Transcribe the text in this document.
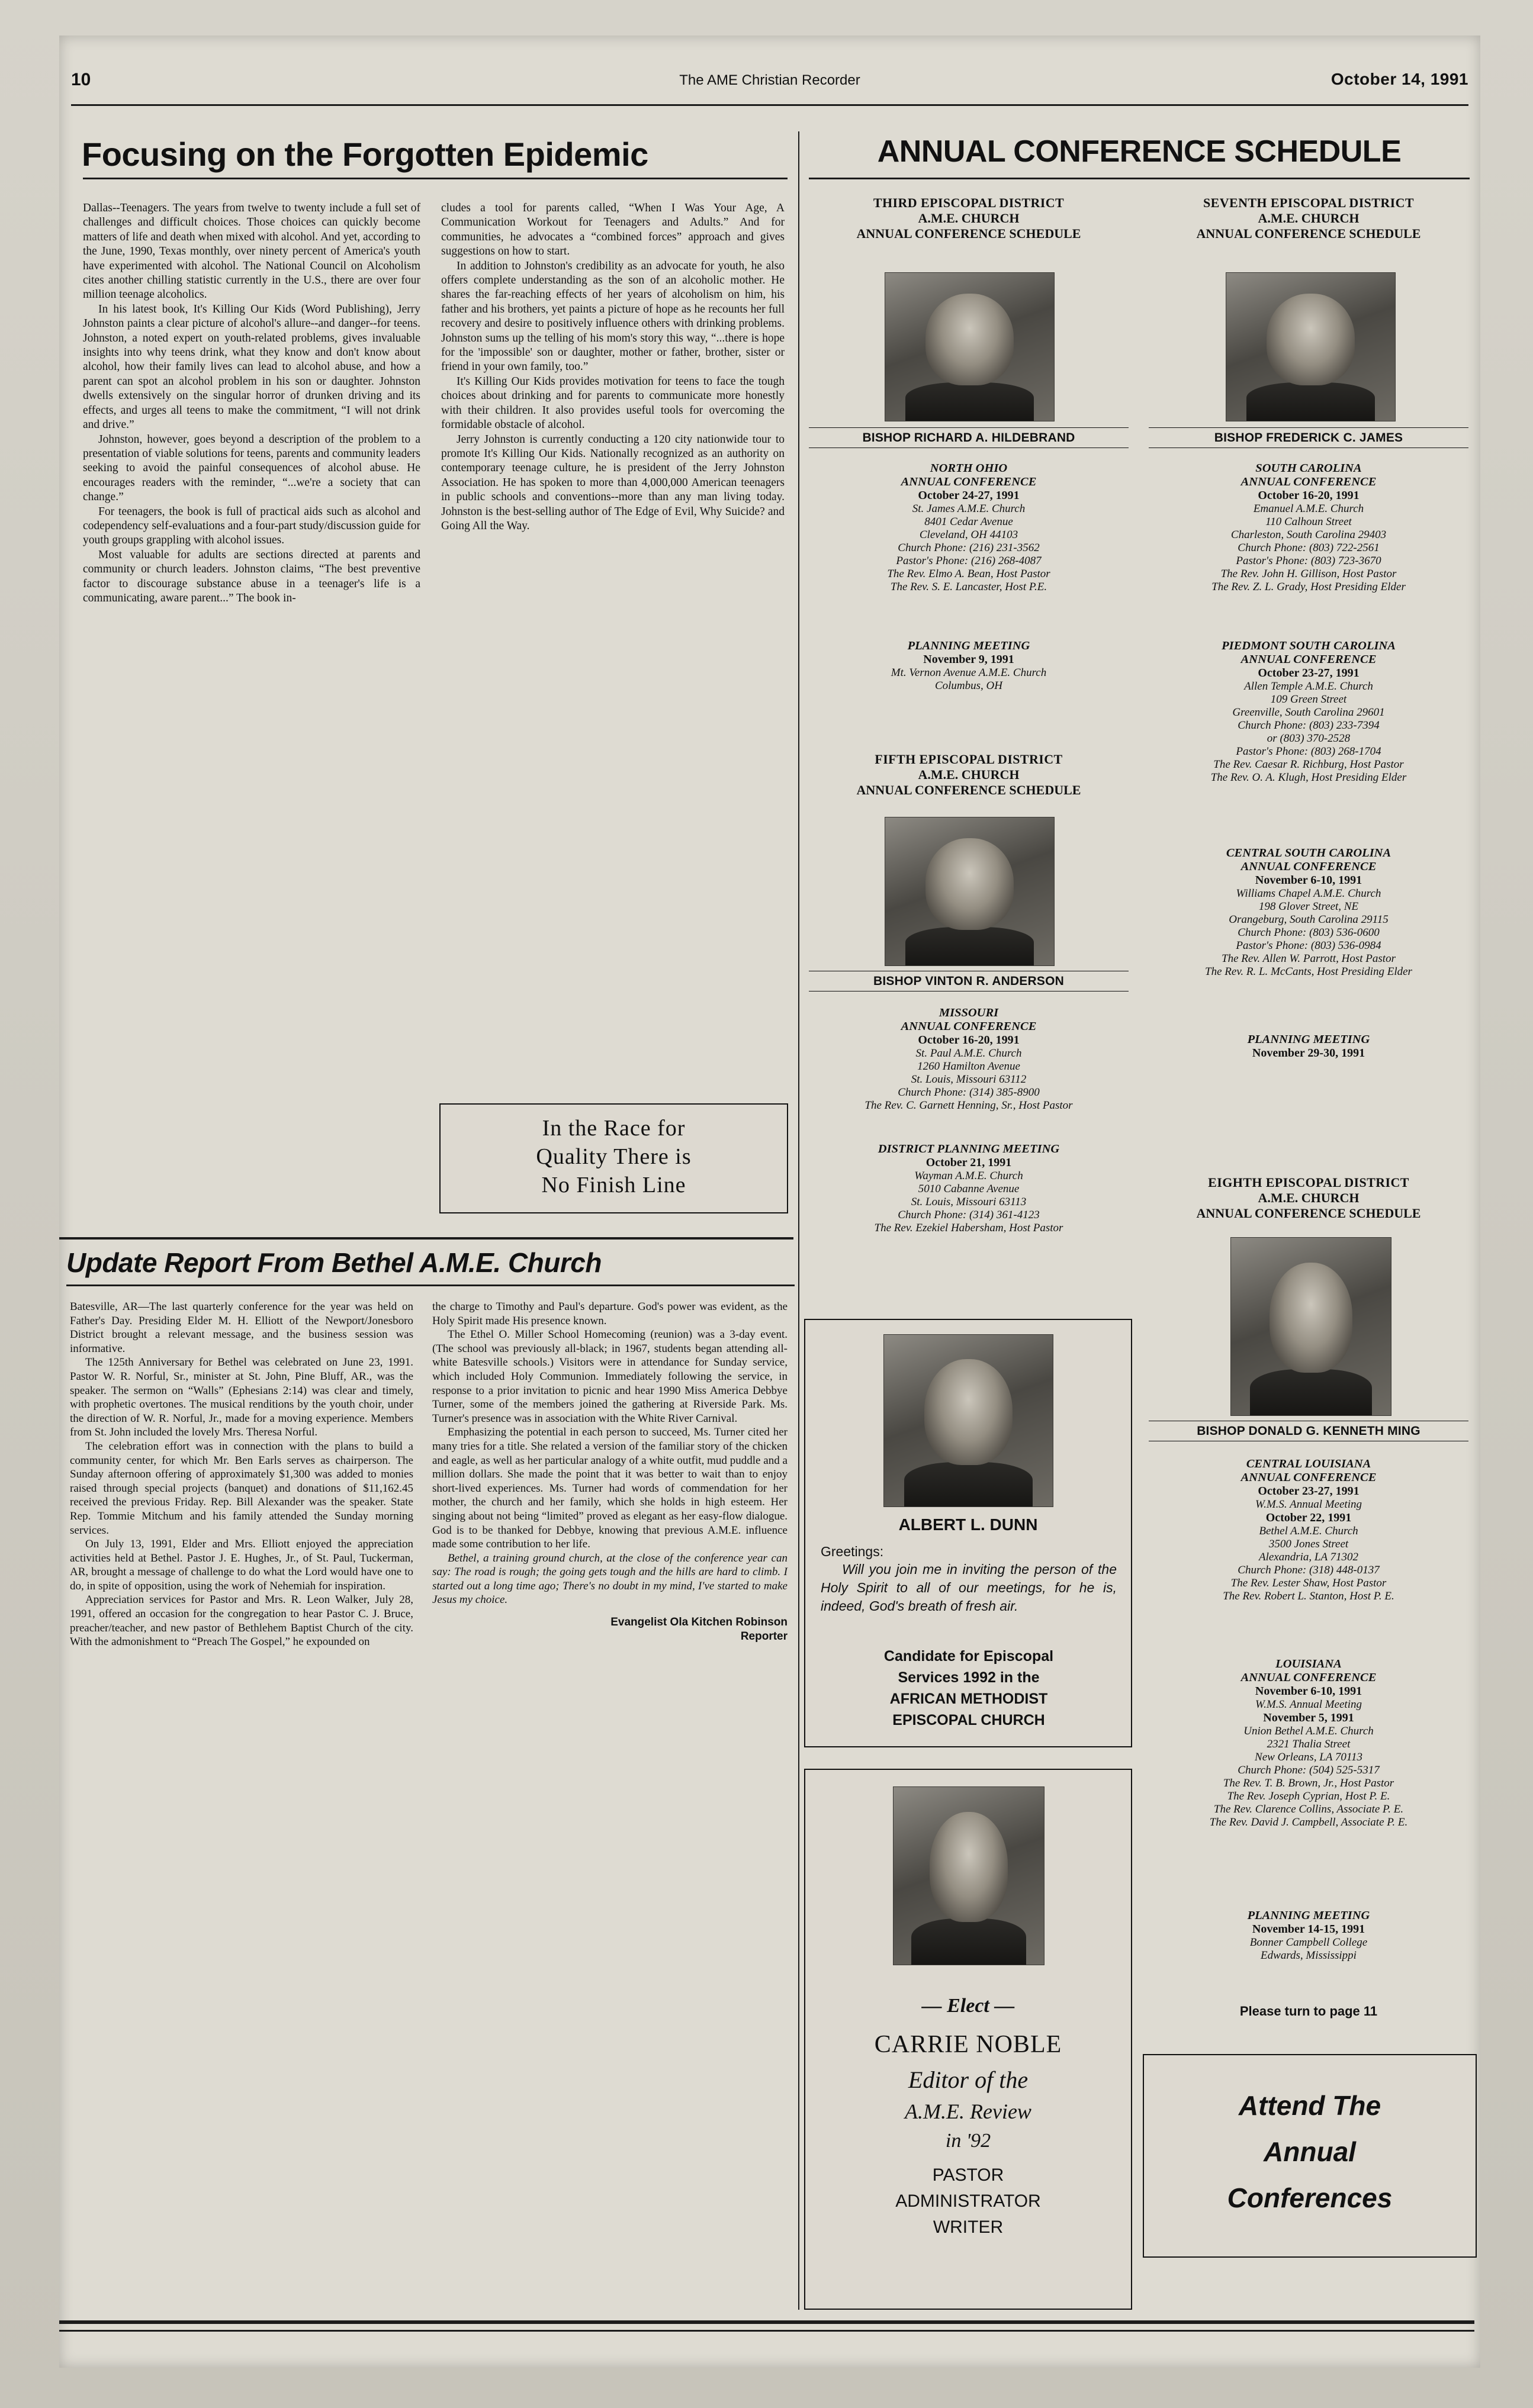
10	The AME Christian Recorder	October 14, 1991
Focusing on the Forgotten Epidemic

Dallas--Teenagers. The years from twelve to twenty include a full set of challenges and difficult choices. Those choices can quickly become matters of life and death when mixed with alcohol. And yet, according to the June, 1990, Texas monthly, over ninety percent of America's youth have experimented with alcohol. The National Council on Alcoholism cites another chilling statistic currently in the U.S., there are over four million teenage alcoholics.

In his latest book, It's Killing Our Kids (Word Publishing), Jerry Johnston paints a clear picture of alcohol's allure--and danger--for teens. Johnston, a noted expert on youth-related problems, gives invaluable insights into why teens drink, what they know and don't know about alcohol, how their family lives can lead to alcohol abuse, and how a parent can spot an alcohol problem in his son or daughter. Johnston dwells extensively on the singular horror of drunken driving and its effects, and urges all teens to make the commitment, “I will not drink and drive.”

Johnston, however, goes beyond a description of the problem to a presentation of viable solutions for teens, parents and community leaders seeking to avoid the painful consequences of alcohol abuse. He encourages readers with the reminder, “...we're a society that can change.”

For teenagers, the book is full of practical aids such as alcohol and codependency self-evaluations and a four-part study/discussion guide for youth groups grappling with alcohol issues.

Most valuable for adults are sections directed at parents and community or church leaders. Johnston claims, “The best preventive factor to discourage substance abuse in a teenager's life is a communicating, aware parent...” The book in-

cludes a tool for parents called, “When I Was Your Age, A Communication Workout for Teenagers and Adults.” And for communities, he advocates a “combined forces” approach and gives suggestions on how to start.

In addition to Johnston's credibility as an advocate for youth, he also offers complete understanding as the son of an alcoholic mother. He shares the far-reaching effects of her years of alcoholism on him, his father and his brothers, yet paints a picture of hope as he recounts her full recovery and desire to positively influence others with drinking problems. Johnston sums up the telling of his mom's story this way, “...there is hope for the 'impossible' son or daughter, mother or father, brother, sister or friend in your own family, too.”

It's Killing Our Kids provides motivation for teens to face the tough choices about drinking and for parents to communicate more honestly with their children. It also provides useful tools for overcoming the formidable obstacle of alcohol.

Jerry Johnston is currently conducting a 120 city nationwide tour to promote It's Killing Our Kids. Nationally recognized as an authority on contemporary teenage culture, he is president of the Jerry Johnston Association. He has spoken to more than 4,000,000 American teenagers in public schools and conventions--more than any man living today. Johnston is the best-selling author of The Edge of Evil, Why Suicide? and Going All the Way.

In the Race for
Quality There is
No Finish Line
Update Report From Bethel A.M.E. Church

Batesville, AR—The last quarterly conference for the year was held on Father's Day. Presiding Elder M. H. Elliott of the Newport/Jonesboro District brought a relevant message, and the business session was informative.

The 125th Anniversary for Bethel was celebrated on June 23, 1991. Pastor W. R. Norful, Sr., minister at St. John, Pine Bluff, AR., was the speaker. The sermon on “Walls” (Ephesians 2:14) was clear and timely, with prophetic overtones. The musical renditions by the youth choir, under the direction of W. R. Norful, Jr., made for a moving experience. Members from St. John included the lovely Mrs. Theresa Norful.

The celebration effort was in connection with the plans to build a community center, for which Mr. Ben Earls serves as chairperson. The Sunday afternoon offering of approximately $1,300 was added to monies raised through special projects (banquet) and donations of $11,162.45 received the previous Friday. Rep. Bill Alexander was the speaker. State Rep. Tommie Mitchum and his family attended the Sunday morning services.

On July 13, 1991, Elder and Mrs. Elliott enjoyed the appreciation activities held at Bethel. Pastor J. E. Hughes, Jr., of St. Paul, Tuckerman, AR, brought a message of challenge to do what the Lord would have one to do, in spite of opposition, using the work of Nehemiah for inspiration.

Appreciation services for Pastor and Mrs. R. Leon Walker, July 28, 1991, offered an occasion for the congregation to hear Pastor C. J. Bruce, preacher/teacher, and new pastor of Bethlehem Baptist Church of the city. With the admonishment to “Preach The Gospel,” he expounded on

the charge to Timothy and Paul's departure. God's power was evident, as the Holy Spirit made His presence known.

The Ethel O. Miller School Homecoming (reunion) was a 3-day event. (The school was previously all-black; in 1967, students began attending all-white Batesville schools.) Visitors were in attendance for Sunday service, which included Holy Communion. Immediately following the service, in response to a prior invitation to picnic and hear 1990 Miss America Debbye Turner, some of the members joined the gathering at Riverside Park. Ms. Turner's presence was in association with the White River Carnival.

Emphasizing the potential in each person to succeed, Ms. Turner cited her many tries for a title. She related a version of the familiar story of the chicken and eagle, as well as her particular analogy of a white outfit, mud puddle and a million dollars. She made the point that it was better to wait than to enjoy short-lived experiences. Ms. Turner had words of commendation for her mother, the church and her family, which she holds in high esteem. Her singing about not being “limited” proved as elegant as her easy-flow dialogue. God is to be thanked for Debbye, knowing that previous A.M.E. influence made some contribution to her life.

Bethel, a training ground church, at the close of the conference year can say: The road is rough; the going gets tough and the hills are hard to climb. I started out a long time ago; There's no doubt in my mind, I've started to make Jesus my choice.

Evangelist Ola Kitchen Robinson
Reporter
ANNUAL CONFERENCE SCHEDULE
THIRD EPISCOPAL DISTRICT
A.M.E. CHURCH
ANNUAL CONFERENCE SCHEDULE
BISHOP RICHARD A. HILDEBRAND
NORTH OHIO
ANNUAL CONFERENCE
October 24-27, 1991
St. James A.M.E. Church
8401 Cedar Avenue
Cleveland, OH 44103
Church Phone: (216) 231-3562
Pastor's Phone: (216) 268-4087
The Rev. Elmo A. Bean, Host Pastor
The Rev. S. E. Lancaster, Host P.E.
PLANNING MEETING
November 9, 1991
Mt. Vernon Avenue A.M.E. Church
Columbus, OH
FIFTH EPISCOPAL DISTRICT
A.M.E. CHURCH
ANNUAL CONFERENCE SCHEDULE
BISHOP VINTON R. ANDERSON
MISSOURI
ANNUAL CONFERENCE
October 16-20, 1991
St. Paul A.M.E. Church
1260 Hamilton Avenue
St. Louis, Missouri 63112
Church Phone: (314) 385-8900
The Rev. C. Garnett Henning, Sr., Host Pastor
DISTRICT PLANNING MEETING
October 21, 1991
Wayman A.M.E. Church
5010 Cabanne Avenue
St. Louis, Missouri 63113
Church Phone: (314) 361-4123
The Rev. Ezekiel Habersham, Host Pastor
ALBERT L. DUNN
Greetings:
Will you join me in inviting the person of the Holy Spirit to all of our meetings, for he is, indeed, God's breath of fresh air.
Candidate for Episcopal
Services 1992 in the
AFRICAN METHODIST
EPISCOPAL CHURCH
— Elect —
CARRIE NOBLE
Editor of the
A.M.E. Review
in '92
PASTOR
ADMINISTRATOR
WRITER
SEVENTH EPISCOPAL DISTRICT
A.M.E. CHURCH
ANNUAL CONFERENCE SCHEDULE
BISHOP FREDERICK C. JAMES
SOUTH CAROLINA
ANNUAL CONFERENCE
October 16-20, 1991
Emanuel A.M.E. Church
110 Calhoun Street
Charleston, South Carolina 29403
Church Phone: (803) 722-2561
Pastor's Phone: (803) 723-3670
The Rev. John H. Gillison, Host Pastor
The Rev. Z. L. Grady, Host Presiding Elder
PIEDMONT SOUTH CAROLINA
ANNUAL CONFERENCE
October 23-27, 1991
Allen Temple A.M.E. Church
109 Green Street
Greenville, South Carolina 29601
Church Phone: (803) 233-7394
or (803) 370-2528
Pastor's Phone: (803) 268-1704
The Rev. Caesar R. Richburg, Host Pastor
The Rev. O. A. Klugh, Host Presiding Elder
CENTRAL SOUTH CAROLINA
ANNUAL CONFERENCE
November 6-10, 1991
Williams Chapel A.M.E. Church
198 Glover Street, NE
Orangeburg, South Carolina 29115
Church Phone: (803) 536-0600
Pastor's Phone: (803) 536-0984
The Rev. Allen W. Parrott, Host Pastor
The Rev. R. L. McCants, Host Presiding Elder
PLANNING MEETING
November 29-30, 1991
EIGHTH EPISCOPAL DISTRICT
A.M.E. CHURCH
ANNUAL CONFERENCE SCHEDULE
BISHOP DONALD G. KENNETH MING
CENTRAL LOUISIANA
ANNUAL CONFERENCE
October 23-27, 1991
W.M.S. Annual Meeting
October 22, 1991
Bethel A.M.E. Church
3500 Jones Street
Alexandria, LA 71302
Church Phone: (318) 448-0137
The Rev. Lester Shaw, Host Pastor
The Rev. Robert L. Stanton, Host P. E.
LOUISIANA
ANNUAL CONFERENCE
November 6-10, 1991
W.M.S. Annual Meeting
November 5, 1991
Union Bethel A.M.E. Church
2321 Thalia Street
New Orleans, LA 70113
Church Phone: (504) 525-5317
The Rev. T. B. Brown, Jr., Host Pastor
The Rev. Joseph Cyprian, Host P. E.
The Rev. Clarence Collins, Associate P. E.
The Rev. David J. Campbell, Associate P. E.
PLANNING MEETING
November 14-15, 1991
Bonner Campbell College
Edwards, Mississippi
Please turn to page 11
Attend The
Annual
Conferences
